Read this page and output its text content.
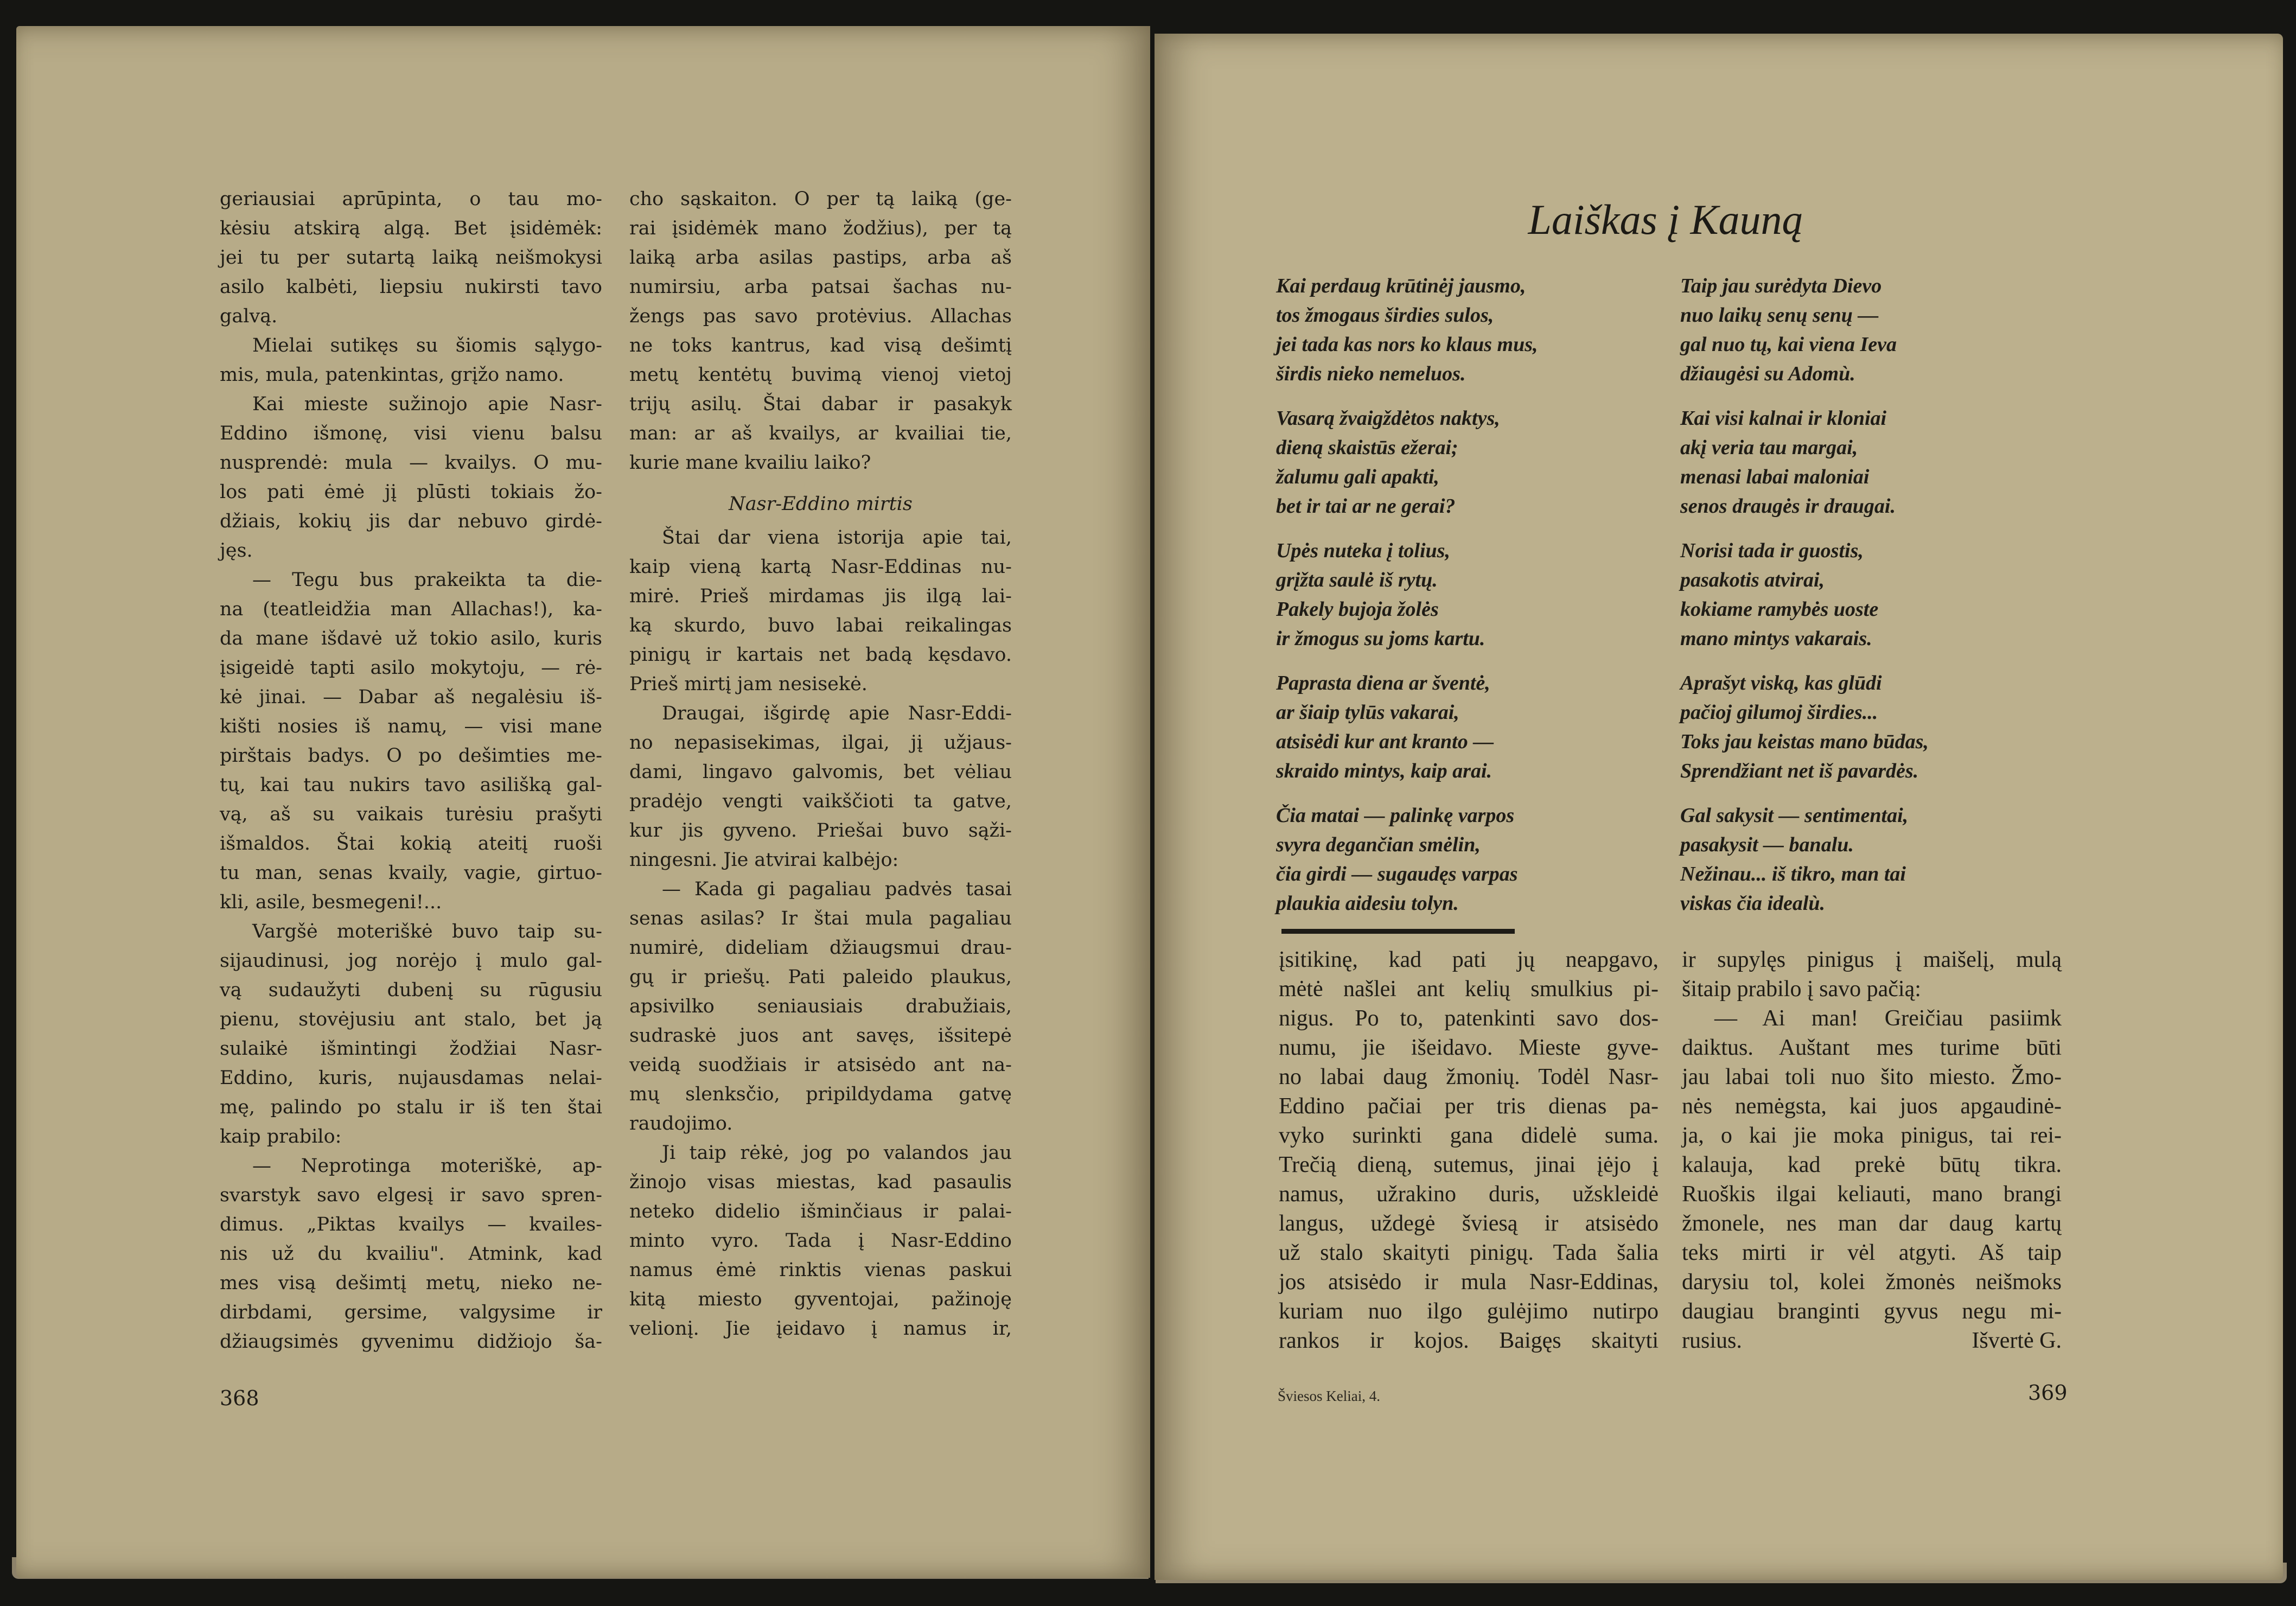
geriausiai aprūpinta, o tau mo-
kėsiu atskirą algą. Bet įsidėmėk:
jei tu per sutartą laiką neišmokysi
asilo kalbėti, liepsiu nukirsti tavo
galvą.
Mielai sutikęs su šiomis sąlygo-
mis, mula, patenkintas, grįžo namo.
Kai mieste sužinojo apie Nasr-
Eddino išmonę, visi vienu balsu
nusprendė: mula — kvailys. O mu-
los pati ėmė jį plūsti tokiais žo-
džiais, kokių jis dar nebuvo girdė-
jęs.
— Tegu bus prakeikta ta die-
na (teatleidžia man Allachas!), ka-
da mane išdavė už tokio asilo, kuris
įsigeidė tapti asilo mokytoju, — rė-
kė jinai. — Dabar aš negalėsiu iš-
kišti nosies iš namų, — visi mane
pirštais badys. O po dešimties me-
tų, kai tau nukirs tavo asilišką gal-
vą, aš su vaikais turėsiu prašyti
išmaldos. Štai kokią ateitį ruoši
tu man, senas kvaily, vagie, girtuo-
kli, asile, besmegeni!...
Vargšė moteriškė buvo taip su-
sijaudinusi, jog norėjo į mulo gal-
vą sudaužyti dubenį su rūgusiu
pienu, stovėjusiu ant stalo, bet ją
sulaikė išmintingi žodžiai Nasr-
Eddino, kuris, nujausdamas nelai-
mę, palindo po stalu ir iš ten štai
kaip prabilo:
— Neprotinga moteriškė, ap-
svarstyk savo elgesį ir savo spren-
dimus. „Piktas kvailys — kvailes-
nis už du kvailiu". Atmink, kad
mes visą dešimtį metų, nieko ne-
dirbdami, gersime, valgysime ir
džiaugsimės gyvenimu didžiojo ša-
cho sąskaiton. O per tą laiką (ge-
rai įsidėmėk mano žodžius), per tą
laiką arba asilas pastips, arba aš
numirsiu, arba patsai šachas nu-
žengs pas savo protėvius. Allachas
ne toks kantrus, kad visą dešimtį
metų kentėtų buvimą vienoj vietoj
trijų asilų. Štai dabar ir pasakyk
man: ar aš kvailys, ar kvailiai tie,
kurie mane kvailiu laiko?
Nasr-Eddino mirtis
Štai dar viena istorija apie tai,
kaip vieną kartą Nasr-Eddinas nu-
mirė. Prieš mirdamas jis ilgą lai-
ką skurdo, buvo labai reikalingas
pinigų ir kartais net badą kęsdavo.
Prieš mirtį jam nesisekė.
Draugai, išgirdę apie Nasr-Eddi-
no nepasisekimas, ilgai, jį užjaus-
dami, lingavo galvomis, bet vėliau
pradėjo vengti vaikščioti ta gatve,
kur jis gyveno. Priešai buvo sąži-
ningesni. Jie atvirai kalbėjo:
— Kada gi pagaliau padvės tasai
senas asilas? Ir štai mula pagaliau
numirė, dideliam džiaugsmui drau-
gų ir priešų. Pati paleido plaukus,
apsivilko seniausiais drabužiais,
sudraskė juos ant savęs, išsitepė
veidą suodžiais ir atsisėdo ant na-
mų slenksčio, pripildydama gatvę
raudojimo.
Ji taip rėkė, jog po valandos jau
žinojo visas miestas, kad pasaulis
neteko didelio išminčiaus ir palai-
minto vyro. Tada į Nasr-Eddino
namus ėmė rinktis vienas paskui
kitą miesto gyventojai, pažinoję
velionį. Jie įeidavo į namus ir,
368
Laiškas į Kauną
Kai perdaug krūtinėj jausmo,
tos žmogaus širdies sulos,
jei tada kas nors ko klaus mus,
širdis nieko nemeluos.
Vasarą žvaigždėtos naktys,
dieną skaistūs ežerai;
žalumu gali apakti,
bet ir tai ar ne gerai?
Upės nuteka į tolius,
grįžta saulė iš rytų.
Pakely bujoja žolės
ir žmogus su joms kartu.
Paprasta diena ar šventė,
ar šiaip tylūs vakarai,
atsisėdi kur ant kranto —
skraido mintys, kaip arai.
Čia matai — palinkę varpos
svyra degančian smėlin,
čia girdi — sugaudęs varpas
plaukia aidesiu tolyn.
Taip jau surėdyta Dievo
nuo laikų senų senų —
gal nuo tų, kai viena Ieva
džiaugėsi su Adomù.
Kai visi kalnai ir kloniai
akį veria tau margai,
menasi labai maloniai
senos draugės ir draugai.
Norisi tada ir guostis,
pasakotis atvirai,
kokiame ramybės uoste
mano mintys vakarais.
Aprašyt viską, kas glūdi
pačioj gilumoj širdies...
Toks jau keistas mano būdas,
Sprendžiant net iš pavardės.
Gal sakysit — sentimentai,
pasakysit — banalu.
Nežinau... iš tikro, man tai
viskas čia idealù.
įsitikinę, kad pati jų neapgavo,
mėtė našlei ant kelių smulkius pi-
nigus. Po to, patenkinti savo dos-
numu, jie išeidavo. Mieste gyve-
no labai daug žmonių. Todėl Nasr-
Eddino pačiai per tris dienas pa-
vyko surinkti gana didelė suma.
Trečią dieną, sutemus, jinai įėjo į
namus, užrakino duris, užskleidė
langus, uždegė šviesą ir atsisėdo
už stalo skaityti pinigų. Tada šalia
jos atsisėdo ir mula Nasr-Eddinas,
kuriam nuo ilgo gulėjimo nutirpo
rankos ir kojos. Baigęs skaityti
ir supylęs pinigus į maišelį, mulą
šitaip prabilo į savo pačią:
— Ai man! Greičiau pasiimk
daiktus. Auštant mes turime būti
jau labai toli nuo šito miesto. Žmo-
nės nemėgsta, kai juos apgaudinė-
ja, o kai jie moka pinigus, tai rei-
kalauja, kad prekė būtų tikra.
Ruoškis ilgai keliauti, mano brangi
žmonele, nes man dar daug kartų
teks mirti ir vėl atgyti. Aš taip
darysiu tol, kolei žmonės neišmoks
daugiau branginti gyvus negu mi-
rusius.	Išvertė G.
Šviesos Keliai, 4.	369
